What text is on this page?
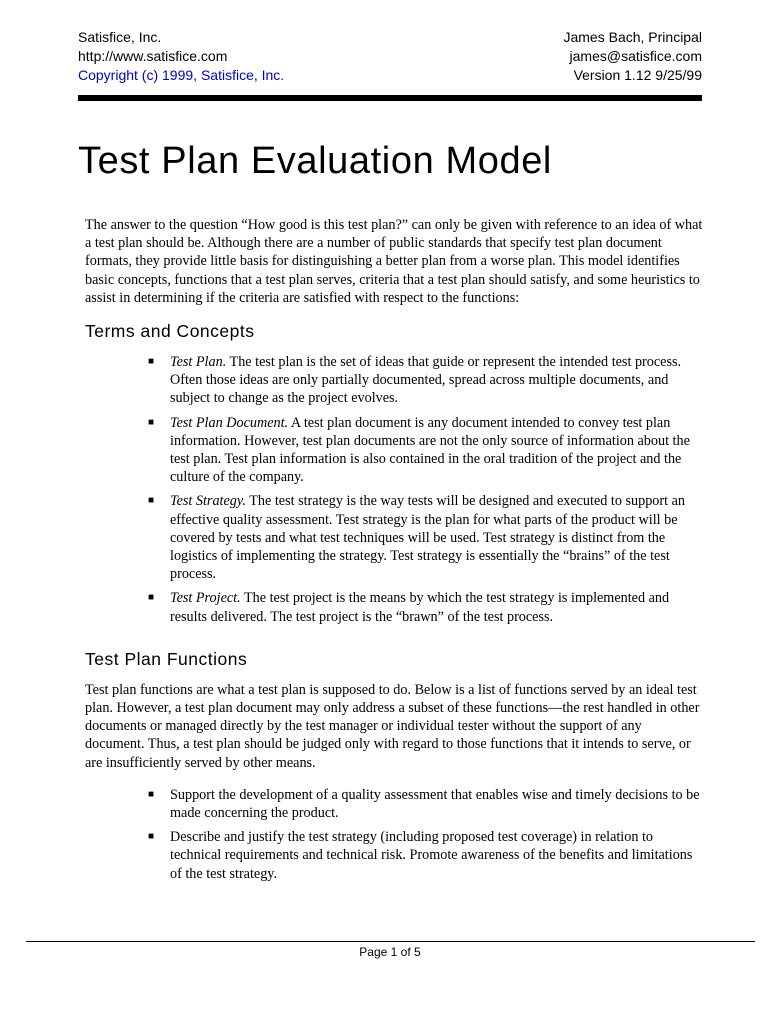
Satisfice, Inc.
http://www.satisfice.com
Copyright (c) 1999, Satisfice, Inc.
James Bach, Principal
james@satisfice.com
Version 1.12 9/25/99
Test Plan Evaluation Model

The answer to the question “How good is this test plan?” can only be given with reference to an idea of what a test plan should be. Although there are a number of public standards that specify test plan document formats, they provide little basis for distinguishing a better plan from a worse plan. This model identifies basic concepts, functions that a test plan serves, criteria that a test plan should satisfy, and some heuristics to assist in determining if the criteria are satisfied with respect to the functions:

Terms and Concepts
■ Test Plan. The test plan is the set of ideas that guide or represent the intended test process. Often those ideas are only partially documented, spread across multiple documents, and subject to change as the project evolves.
■ Test Plan Document. A test plan document is any document intended to convey test plan information. However, test plan documents are not the only source of information about the test plan. Test plan information is also contained in the oral tradition of the project and the culture of the company.
■ Test Strategy. The test strategy is the way tests will be designed and executed to support an effective quality assessment. Test strategy is the plan for what parts of the product will be covered by tests and what test techniques will be used. Test strategy is distinct from the logistics of implementing the strategy. Test strategy is essentially the “brains” of the test process.
■ Test Project. The test project is the means by which the test strategy is implemented and results delivered. The test project is the “brawn” of the test process.
Test Plan Functions

Test plan functions are what a test plan is supposed to do. Below is a list of functions served by an ideal test plan. However, a test plan document may only address a subset of these functions—the rest handled in other documents or managed directly by the test manager or individual tester without the support of any document. Thus, a test plan should be judged only with regard to those functions that it intends to serve, or are insufficiently served by other means.

■ Support the development of a quality assessment that enables wise and timely decisions to be made concerning the product.
■ Describe and justify the test strategy (including proposed test coverage) in relation to technical requirements and technical risk. Promote awareness of the benefits and limitations of the test strategy.
Page 1 of 5
